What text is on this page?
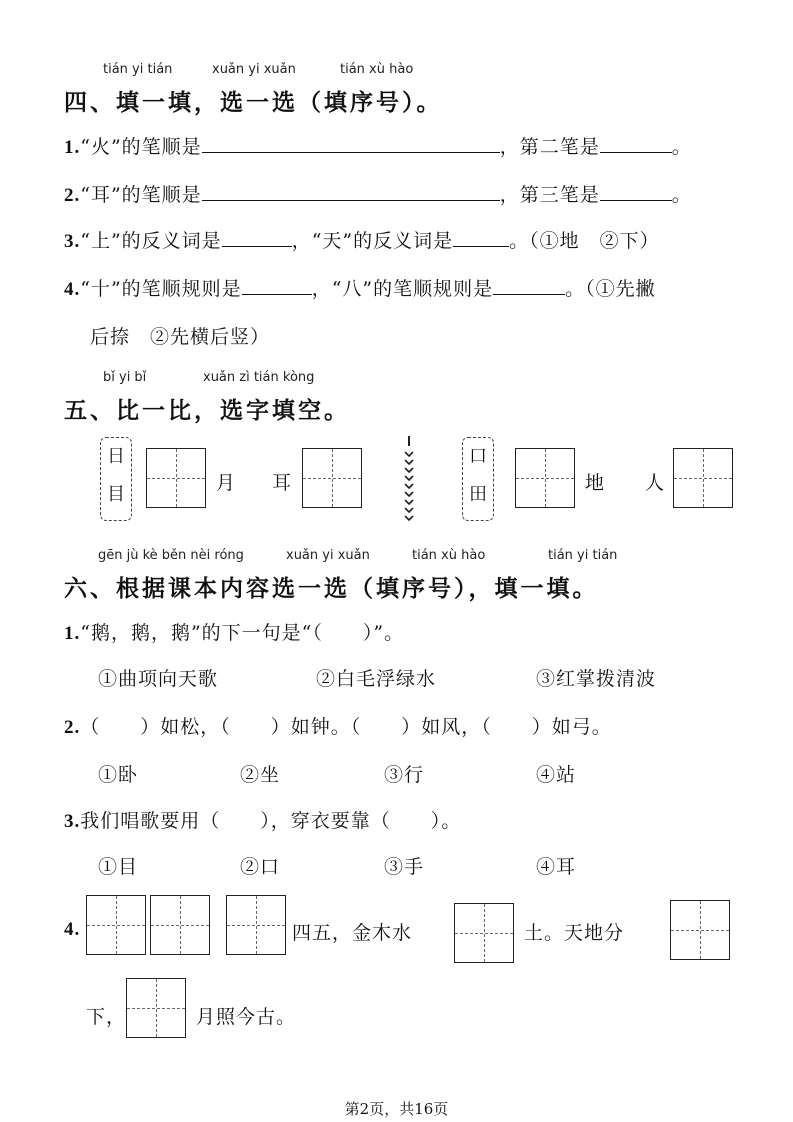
tián yi tián	xuǎn yi xuǎn	tián xù hào
四、填一填，选一选（填序号）。
1.“火”的笔顺是	，第二笔是	。
2.“耳”的笔顺是	，第三笔是	。
3.“上”的反义词是	，“天”的反义词是	。（①地　②下）
4.“十”的笔顺规则是	，“八”的笔顺规则是	。（①先撇
后捺　②先横后竖）
bǐ yi bǐ	xuǎn zì tián kòng
五、比一比，选字填空。
日
目
月 耳
口
田
地 人
gēn jù kè běn nèi róng	xuǎn yi xuǎn	tián xù hào	tián yi tián
六、根据课本内容选一选（填序号），填一填。
1.“鹅，鹅，鹅”的下一句是“（　　）”。
①曲项向天歌	②白毛浮绿水	③红掌拨清波
2.（　　）如松，（　　）如钟。（　　）如风，（　　）如弓。
①卧	②坐	③行	④站
3.我们唱歌要用（　　），穿衣要靠（　　）。
①目	②口	③手	④耳
4.	四五，金木水	土。天地分
下，	月照今古。
第2页，共16页
